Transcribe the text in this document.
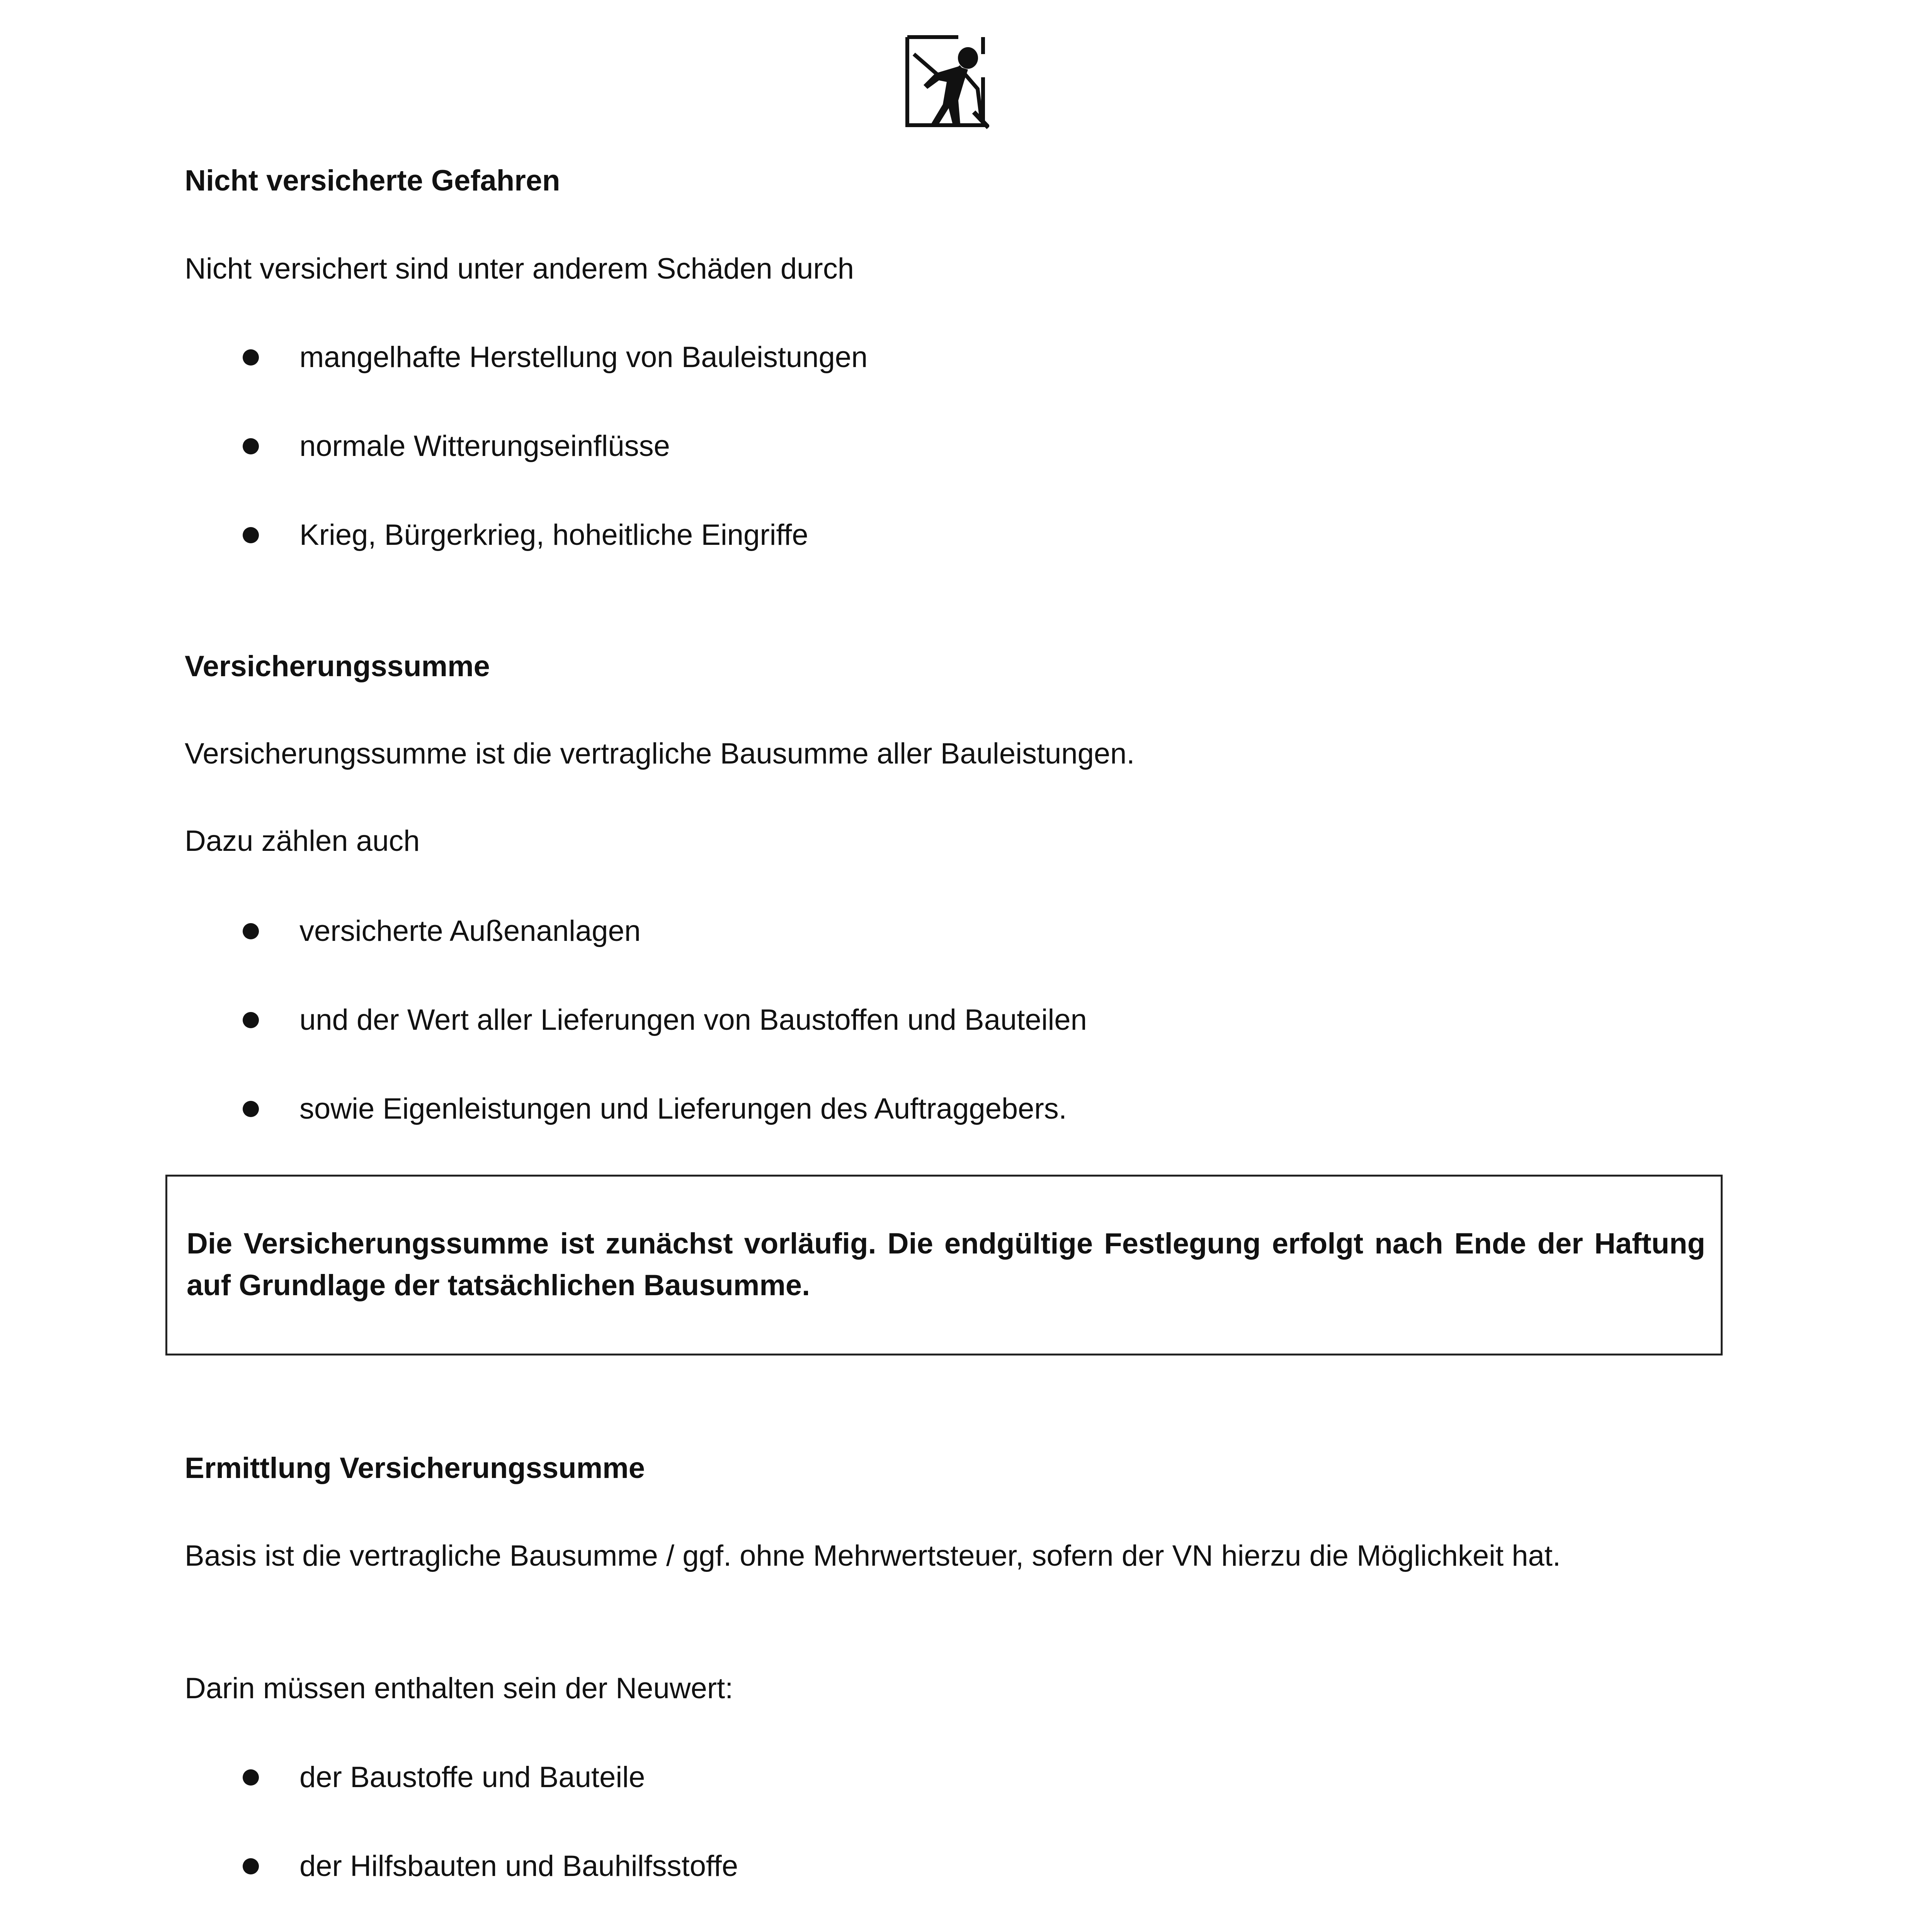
Nicht versicherte Gefahren

Nicht versichert sind unter anderem Schäden durch

mangelhafte Herstellung von Bauleistungen

normale Witterungseinflüsse

Krieg, Bürgerkrieg, hoheitliche Eingriffe

Versicherungssumme

Versicherungssumme ist die vertragliche Bausumme aller Bauleistungen.

Dazu zählen auch

versicherte Außenanlagen

und der Wert aller Lieferungen von Baustoffen und Bauteilen

sowie Eigenleistungen und Lieferungen des Auftraggebers.

Die Versicherungssumme ist zunächst vorläufig. Die endgültige Festlegung erfolgt nach Ende der Haftung auf Grundlage der tatsächlichen Bausumme.

Ermittlung Versicherungssumme

Basis ist die vertragliche Bausumme / ggf. ohne Mehrwertsteuer, sofern der VN hierzu die Möglichkeit hat.

Darin müssen enthalten sein der Neuwert:

der Baustoffe und Bauteile

der Hilfsbauten und Bauhilfsstoffe
